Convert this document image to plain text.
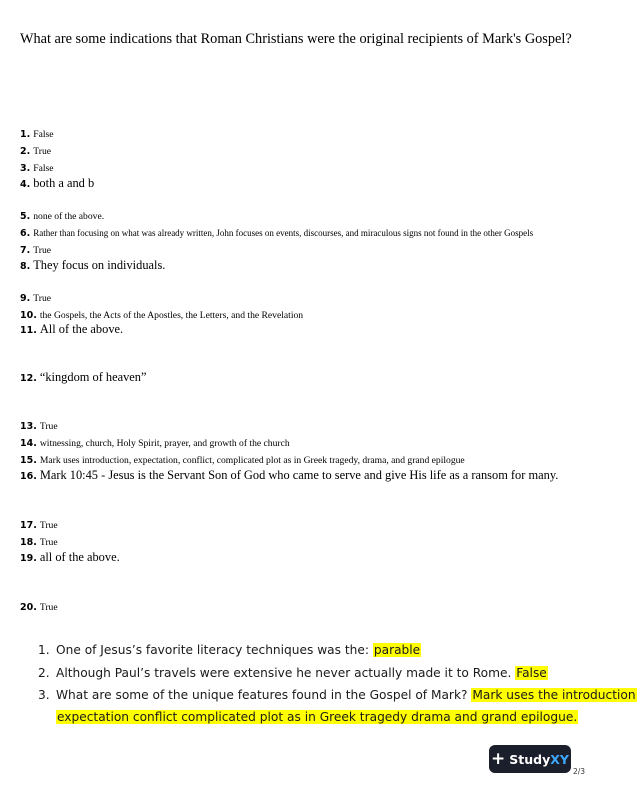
What are some indications that Roman Christians were the original recipients of Mark's Gospel?
1. False
2. True
3. False
4. both a and b
5. none of the above.
6. Rather than focusing on what was already written, John focuses on events, discourses, and miraculous signs not found in the other Gospels
7. True
8. They focus on individuals.
9. True
10. the Gospels, the Acts of the Apostles, the Letters, and the Revelation
11. All of the above.
12. “kingdom of heaven”
13. True
14. witnessing, church, Holy Spirit, prayer, and growth of the church
15. Mark uses introduction, expectation, conflict, complicated plot as in Greek tragedy, drama, and grand epilogue
16. Mark 10:45 - Jesus is the Servant Son of God who came to serve and give His life as a ransom for many.
17. True
18. True
19. all of the above.
20. True
1. One of Jesus’s favorite literacy techniques was the: parable
2. Although Paul’s travels were extensive he never actually made it to Rome. False
3. What are some of the unique features found in the Gospel of Mark? Mark uses the introduction
expectation conflict complicated plot as in Greek tragedy drama and grand epilogue.
+ StudyXY
2/3
